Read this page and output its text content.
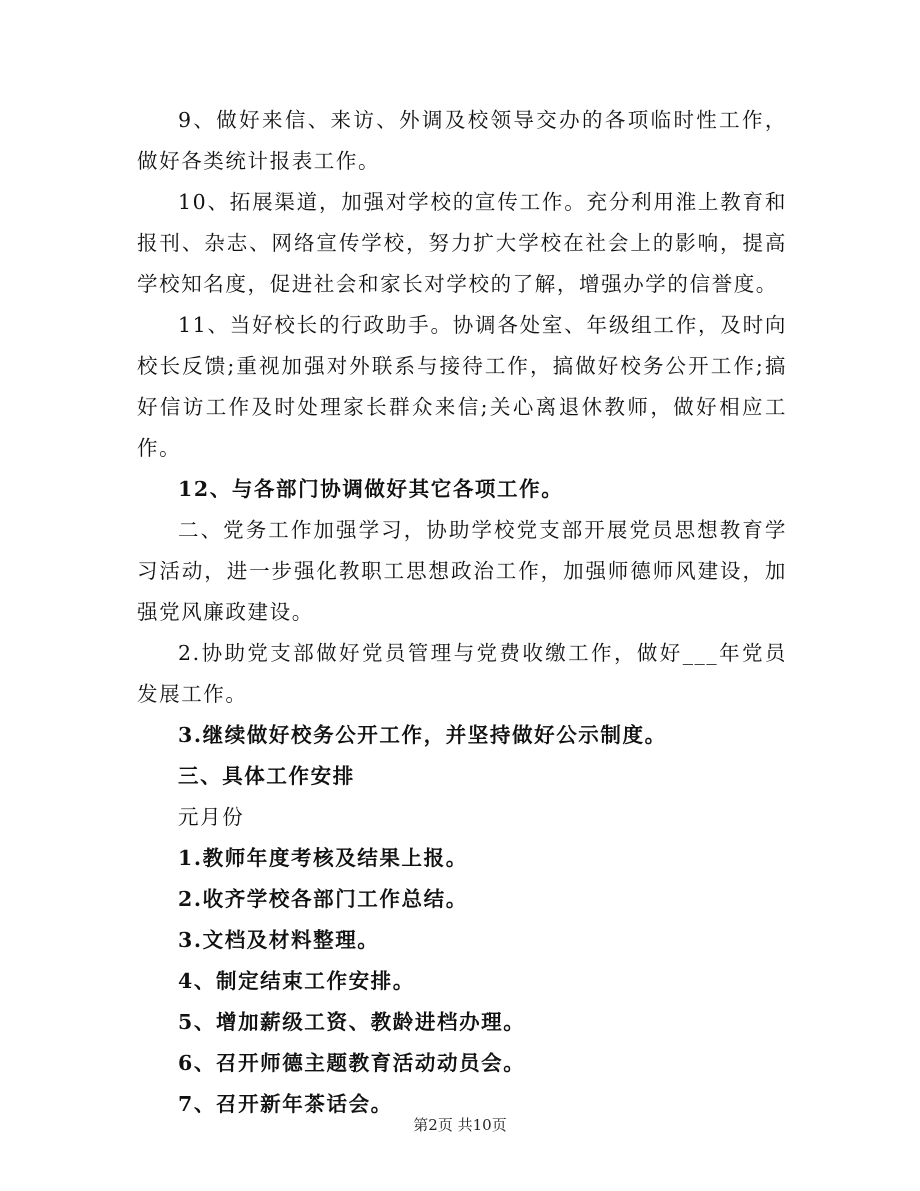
9、做好来信、来访、外调及校领导交办的各项临时性工作，做好各类统计报表工作。

10、拓展渠道，加强对学校的宣传工作。充分利用淮上教育和报刊、杂志、网络宣传学校，努力扩大学校在社会上的影响，提高学校知名度，促进社会和家长对学校的了解，增强办学的信誉度。

11、当好校长的行政助手。协调各处室、年级组工作，及时向校长反馈;重视加强对外联系与接待工作，搞做好校务公开工作;搞好信访工作及时处理家长群众来信;关心离退休教师，做好相应工作。

12、与各部门协调做好其它各项工作。

二、党务工作加强学习，协助学校党支部开展党员思想教育学习活动，进一步强化教职工思想政治工作，加强师德师风建设，加强党风廉政建设。

2.协助党支部做好党员管理与党费收缴工作，做好___年党员发展工作。

3.继续做好校务公开工作，并坚持做好公示制度。

三、具体工作安排

元月份

1.教师年度考核及结果上报。

2.收齐学校各部门工作总结。

3.文档及材料整理。

4、制定结束工作安排。

5、增加薪级工资、教龄进档办理。

6、召开师德主题教育活动动员会。

7、召开新年茶话会。

第2页 共10页
